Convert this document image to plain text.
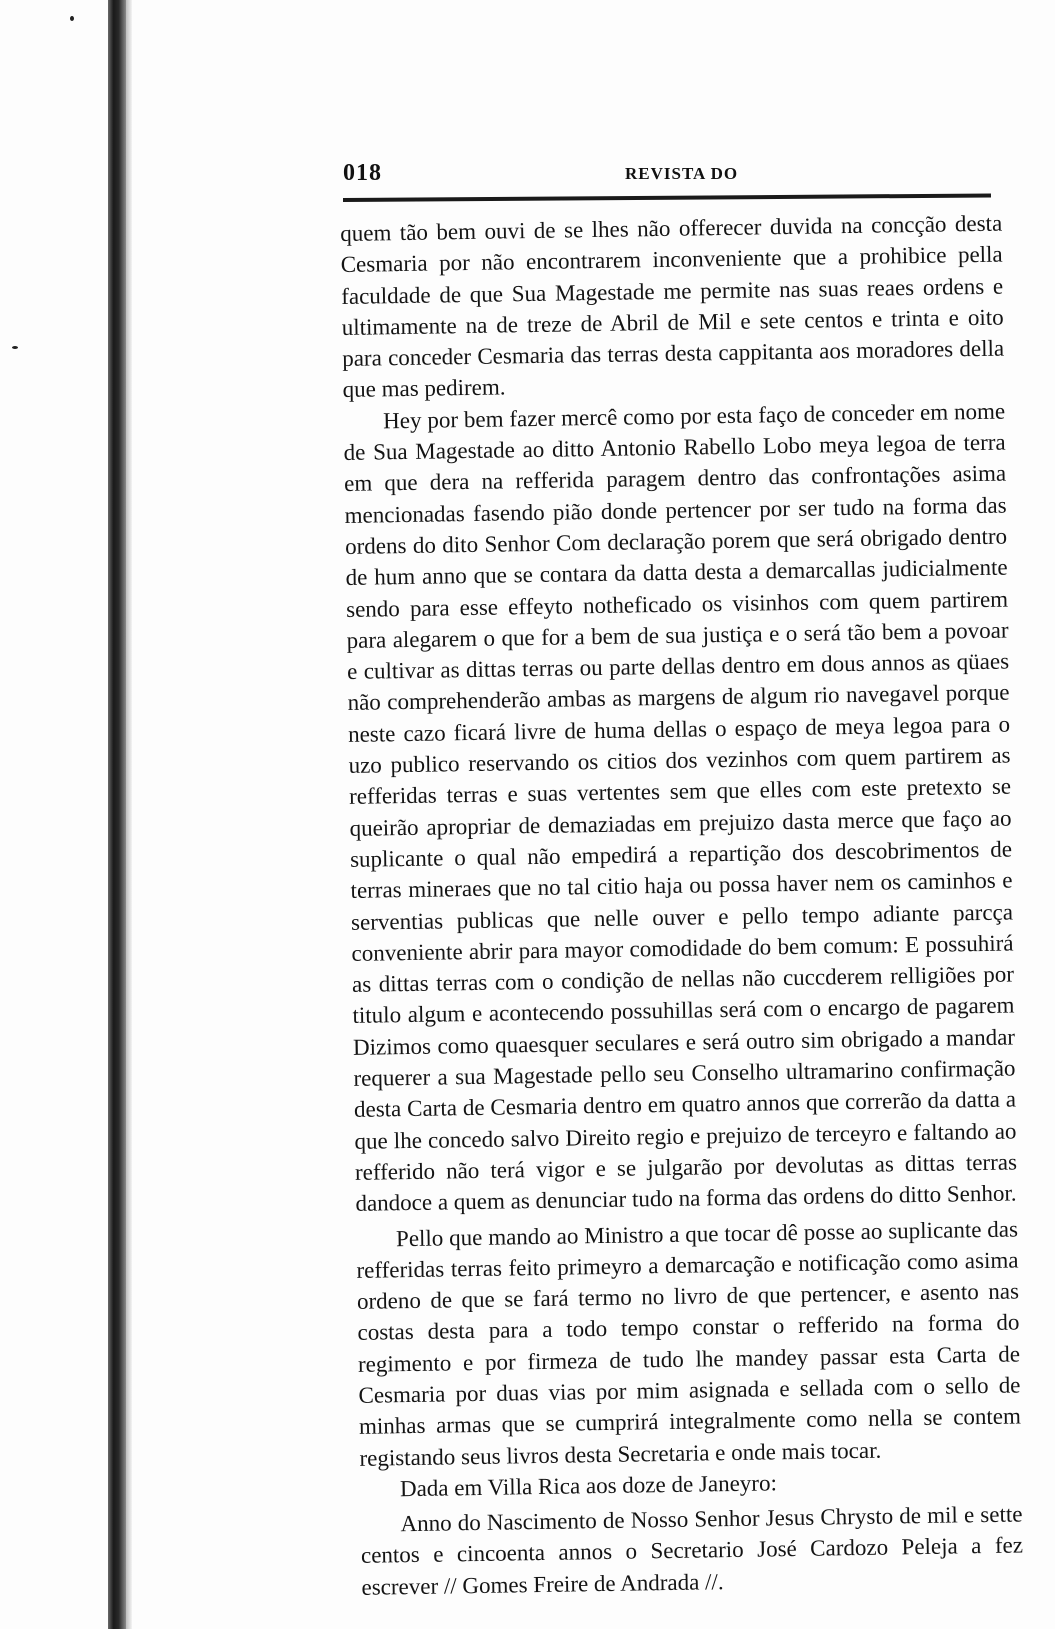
018	REVISTA DO

quem tão bem ouvi de se lhes não offerecer duvida na concção desta Cesmaria por não encontrarem inconveniente que a prohibice pella faculdade de que Sua Magestade me permite nas suas reaes ordens e ultimamente na de treze de Abril de Mil e sete centos e trinta e oito para conceder Cesmaria das terras desta cappitanta aos moradores della que mas pedirem.

Hey por bem fazer mercê como por esta faço de conceder em nome de Sua Magestade ao ditto Antonio Rabello Lobo meya legoa de terra em que dera na refferida paragem dentro das confrontações asima mencionadas fasendo pião donde pertencer por ser tudo na forma das ordens do dito Senhor Com declaração porem que será obrigado dentro de hum anno que se contara da datta desta a demarcallas judicialmente sendo para esse effeyto notheficado os visinhos com quem partirem para alegarem o que for a bem de sua justiça e o será tão bem a povoar e cultivar as dittas terras ou parte dellas dentro em dous annos as qüaes não comprehenderão ambas as margens de algum rio navegavel porque neste cazo ficará livre de huma dellas o espaço de meya legoa para o uzo publico reservando os citios dos vezinhos com quem partirem as refferidas terras e suas vertentes sem que elles com este pretexto se queirão apropriar de demaziadas em prejuizo dasta merce que faço ao suplicante o qual não empedirá a repartição dos descobrimentos de terras mineraes que no tal citio haja ou possa haver nem os caminhos e serventias publicas que nelle ouver e pello tempo adiante parcça conveniente abrir para mayor comodidade do bem comum: E possuhirá as dittas terras com o condição de nellas não cuccderem relligiões por titulo algum e acontecendo possuhillas será com o encargo de pagarem Dizimos como quaesquer seculares e será outro sim obrigado a mandar requerer a sua Magestade pello seu Conselho ultramarino confirmação desta Carta de Cesmaria dentro em quatro annos que correrão da datta a que lhe concedo salvo Direito regio e prejuizo de terceyro e faltando ao refferido não terá vigor e se julgarão por devolutas as dittas terras dandoce a quem as denunciar tudo na forma das ordens do ditto Senhor.

Pello que mando ao Ministro a que tocar dê posse ao suplicante das refferidas terras feito primeyro a demarcação e notificação como asima ordeno de que se fará termo no livro de que pertencer, e asento nas costas desta para a todo tempo constar o refferido na forma do regimento e por firmeza de tudo lhe mandey passar esta Carta de Cesmaria por duas vias por mim asignada e sellada com o sello de minhas armas que se cumprirá integralmente como nella se contem registando seus livros desta Secretaria e onde mais tocar.

Dada em Villa Rica aos doze de Janeyro:

Anno do Nascimento de Nosso Senhor Jesus Chrysto de mil e sette centos e cincoenta annos o Secretario José Cardozo Peleja a fez escrever // Gomes Freire de Andrada //.
